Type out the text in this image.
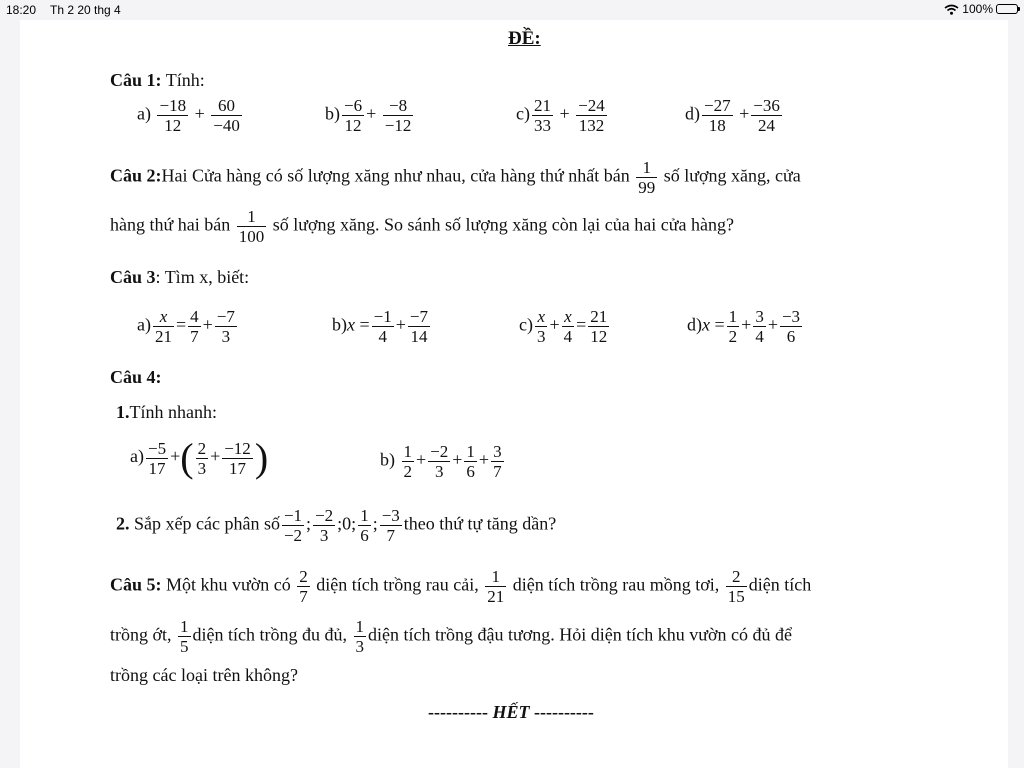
18:20 Th 2 20 thg 4	100%
ĐỀ:
Câu 1: Tính:
$a) \frac{-18}{12} + \frac{60}{-40}$	$b) \frac{-6}{12} + \frac{-8}{-12}$	$c) \frac{21}{33} + \frac{-24}{132}$	$d) \frac{-27}{18} + \frac{-36}{24}$
Câu 2:Hai Cửa hàng có số lượng xăng như nhau, cửa hàng thứ nhất bán $\frac{1}{99}$ số lượng xăng, cửa
hàng thứ hai bán $\frac{1}{100}$ số lượng xăng. So sánh số lượng xăng còn lại của hai cửa hàng?
Câu 3: Tìm x, biết:
$a) \frac{x}{21} = \frac{4}{7} + \frac{-7}{3}$	$b)x = \frac{-1}{4} + \frac{-7}{14}$	$c) \frac{x}{3} + \frac{x}{4} = \frac{21}{12}$	$d)x = \frac{1}{2} + \frac{3}{4} + \frac{-3}{6}$
Câu 4:
1.Tính nhanh:
$a) \frac{-5}{17}$ +( $\frac{2}{3} + \frac{-12}{17}$ )	$b) \frac{1}{2} + \frac{-2}{3} + \frac{1}{6} + \frac{3}{7}$
2. Sắp xếp các phân số $\frac{-1}{-2}$ ; $\frac{-2}{3}$ ;0; $\frac{1}{6}$ ; $\frac{-3}{7}$ theo thứ tự tăng dần?
Câu 5: Một khu vườn có $\frac{2}{7}$ diện tích trồng rau cải, $\frac{1}{21}$ diện tích trồng rau mồng tơi, $\frac{2}{15}$ diện tích
trồng ớt, $\frac{1}{5}$ diện tích trồng đu đủ, $\frac{1}{3}$ diện tích trồng đậu tương. Hỏi diện tích khu vườn có đủ để
trồng các loại trên không?
---------- HẾT ----------
